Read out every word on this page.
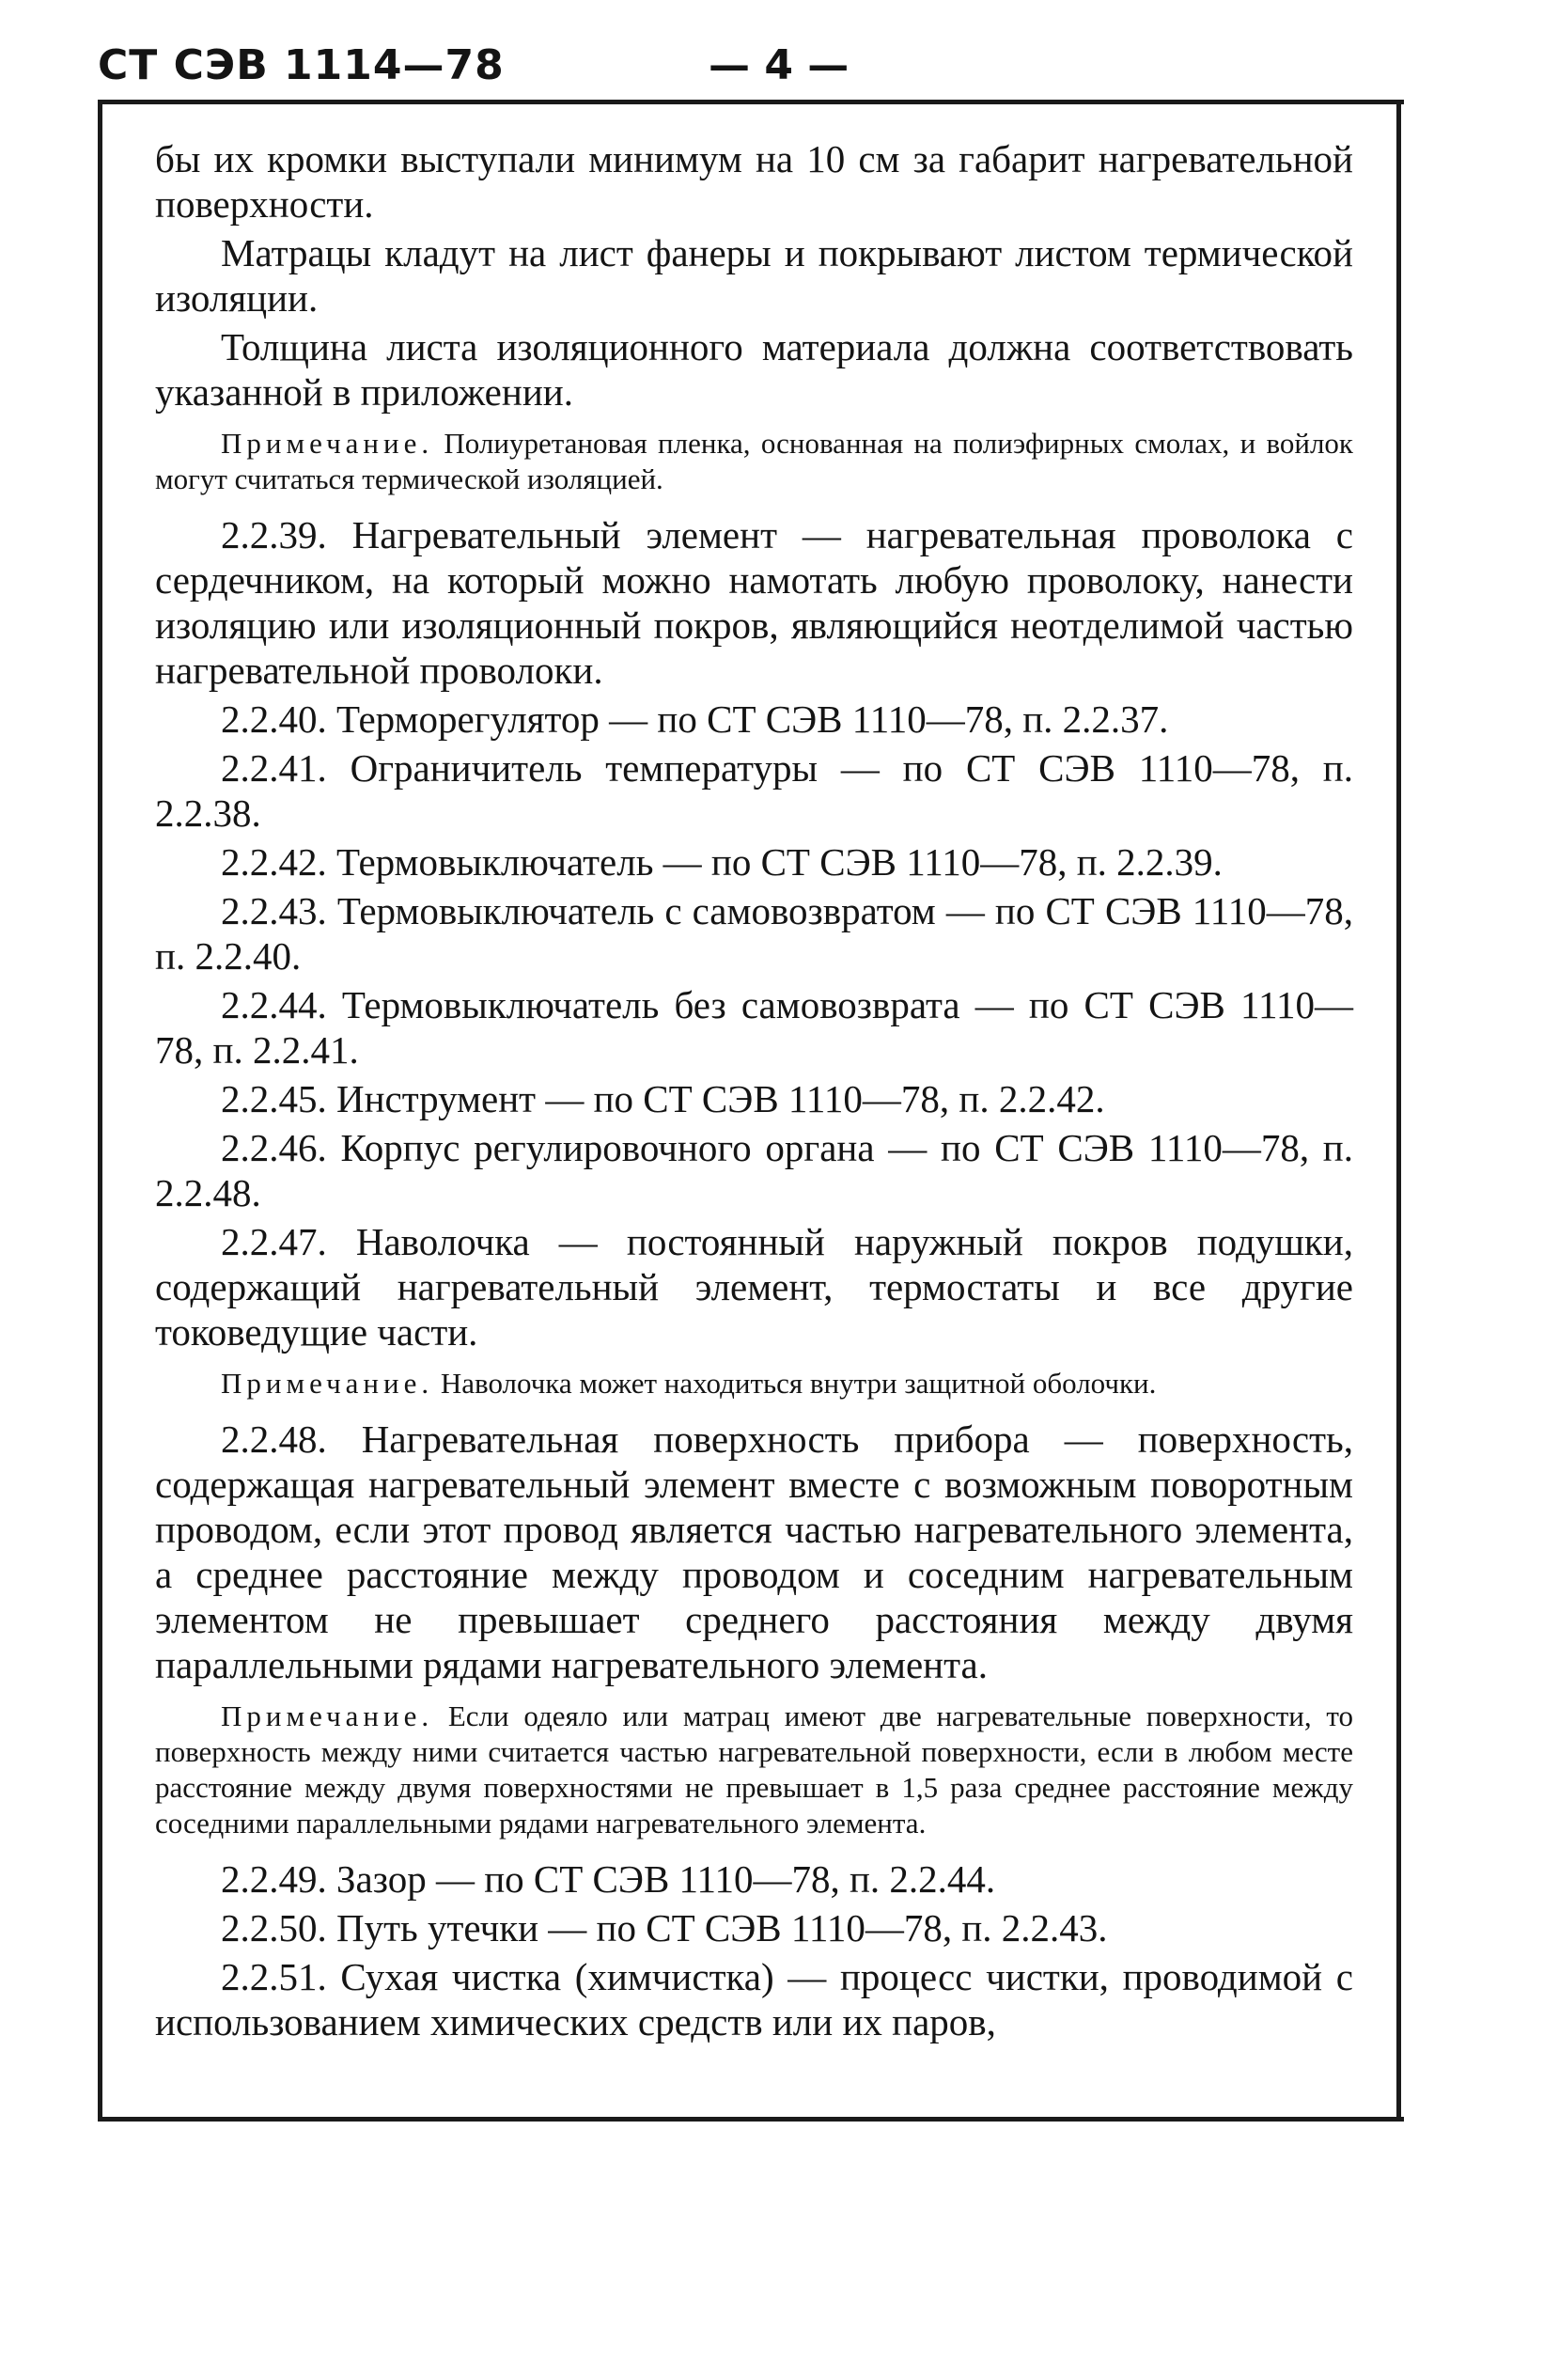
СТ СЭВ 1114—78	— 4 —
бы их кромки выступали минимум на 10 см за габарит нагревательной поверхности.
Матрацы кладут на лист фанеры и покрывают листом термической изоляции.
Толщина листа изоляционного материала должна соответствовать указанной в приложении.
Примечание. Полиуретановая пленка, основанная на полиэфирных смолах, и войлок могут считаться термической изоляцией.
2.2.39. Нагревательный элемент — нагревательная проволока с сердечником, на который можно намотать любую проволоку, нанести изоляцию или изоляционный покров, являющийся неотделимой частью нагревательной проволоки.
2.2.40. Терморегулятор — по СТ СЭВ 1110—78, п. 2.2.37.
2.2.41. Ограничитель температуры — по СТ СЭВ 1110—78, п. 2.2.38.
2.2.42. Термовыключатель — по СТ СЭВ 1110—78, п. 2.2.39.
2.2.43. Термовыключатель с самовозвратом — по СТ СЭВ 1110—78, п. 2.2.40.
2.2.44. Термовыключатель без самовозврата — по СТ СЭВ 1110—78, п. 2.2.41.
2.2.45. Инструмент — по СТ СЭВ 1110—78, п. 2.2.42.
2.2.46. Корпус регулировочного органа — по СТ СЭВ 1110—78, п. 2.2.48.
2.2.47. Наволочка — постоянный наружный покров подушки, содержащий нагревательный элемент, термостаты и все другие токоведущие части.
Примечание. Наволочка может находиться внутри защитной оболочки.
2.2.48. Нагревательная поверхность прибора — поверхность, содержащая нагревательный элемент вместе с возможным поворотным проводом, если этот провод является частью нагревательного элемента, а среднее расстояние между проводом и соседним нагревательным элементом не превышает среднего расстояния между двумя параллельными рядами нагревательного элемента.
Примечание. Если одеяло или матрац имеют две нагревательные поверхности, то поверхность между ними считается частью нагревательной поверхности, если в любом месте расстояние между двумя поверхностями не превышает в 1,5 раза среднее расстояние между соседними параллельными рядами нагревательного элемента.
2.2.49. Зазор — по СТ СЭВ 1110—78, п. 2.2.44.
2.2.50. Путь утечки — по СТ СЭВ 1110—78, п. 2.2.43.
2.2.51. Сухая чистка (химчистка) — процесс чистки, проводимой с использованием химических средств или их паров,
